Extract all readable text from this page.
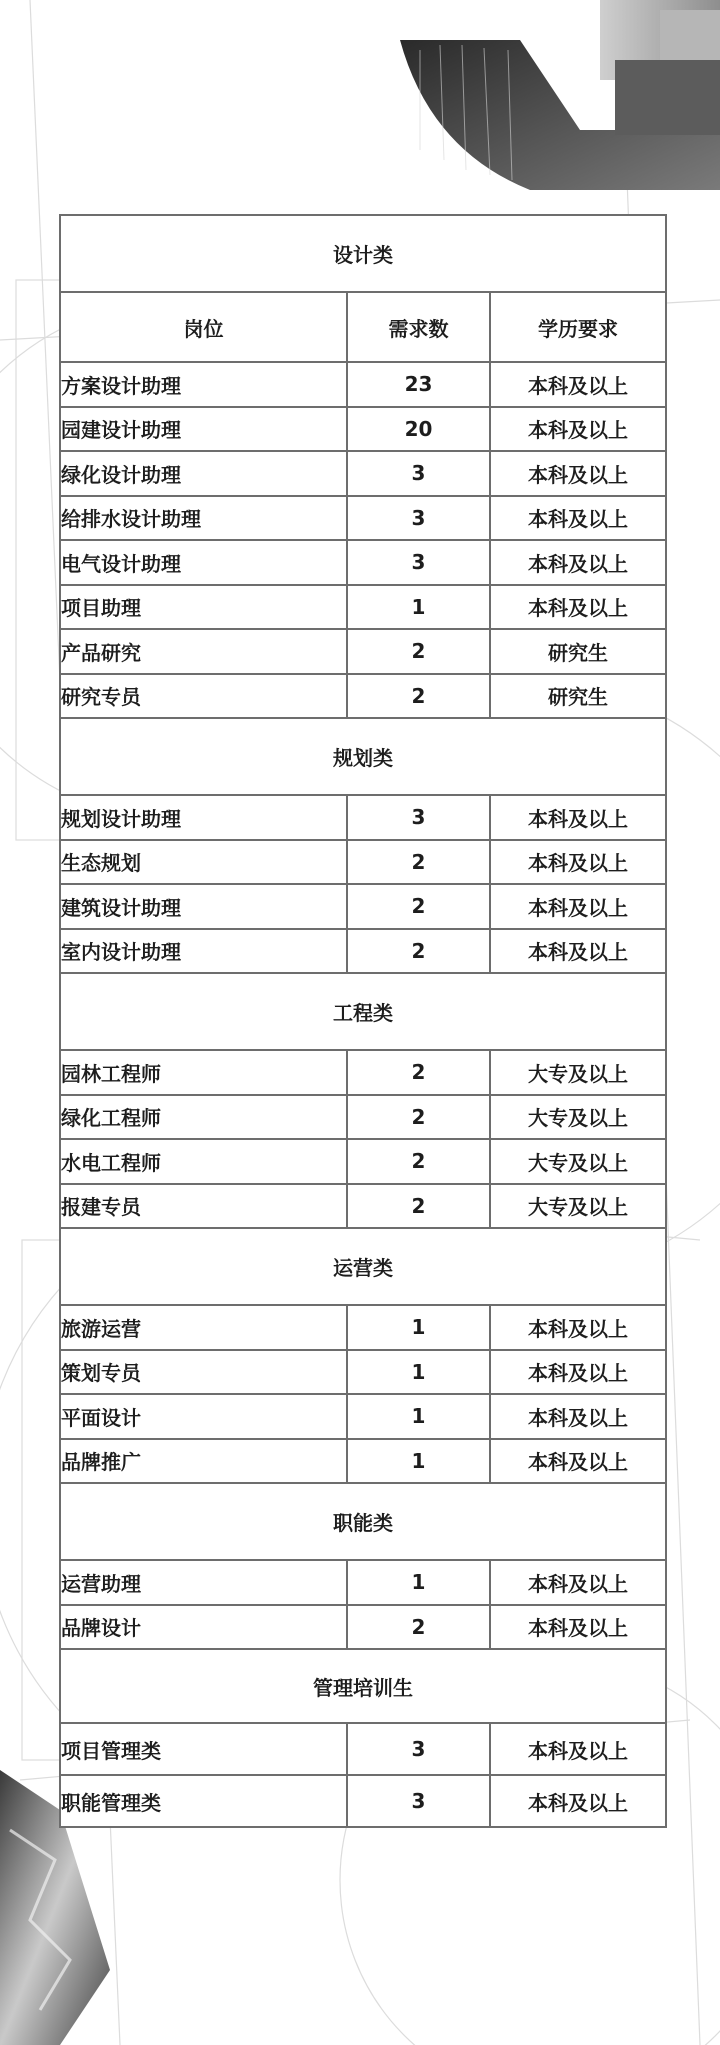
设计类		
岗位	需求数	学历要求
方案设计助理	23	本科及以上
园建设计助理	20	本科及以上
绿化设计助理	3	本科及以上
给排水设计助理	3	本科及以上
电气设计助理	3	本科及以上
项目助理	1	本科及以上
产品研究	2	研究生
研究专员	2	研究生
规划类		
规划设计助理	3	本科及以上
生态规划	2	本科及以上
建筑设计助理	2	本科及以上
室内设计助理	2	本科及以上
工程类		
园林工程师	2	大专及以上
绿化工程师	2	大专及以上
水电工程师	2	大专及以上
报建专员	2	大专及以上
运营类		
旅游运营	1	本科及以上
策划专员	1	本科及以上
平面设计	1	本科及以上
品牌推广	1	本科及以上
职能类		
运营助理	1	本科及以上
品牌设计	2	本科及以上
管理培训生		
项目管理类	3	本科及以上
职能管理类	3	本科及以上
